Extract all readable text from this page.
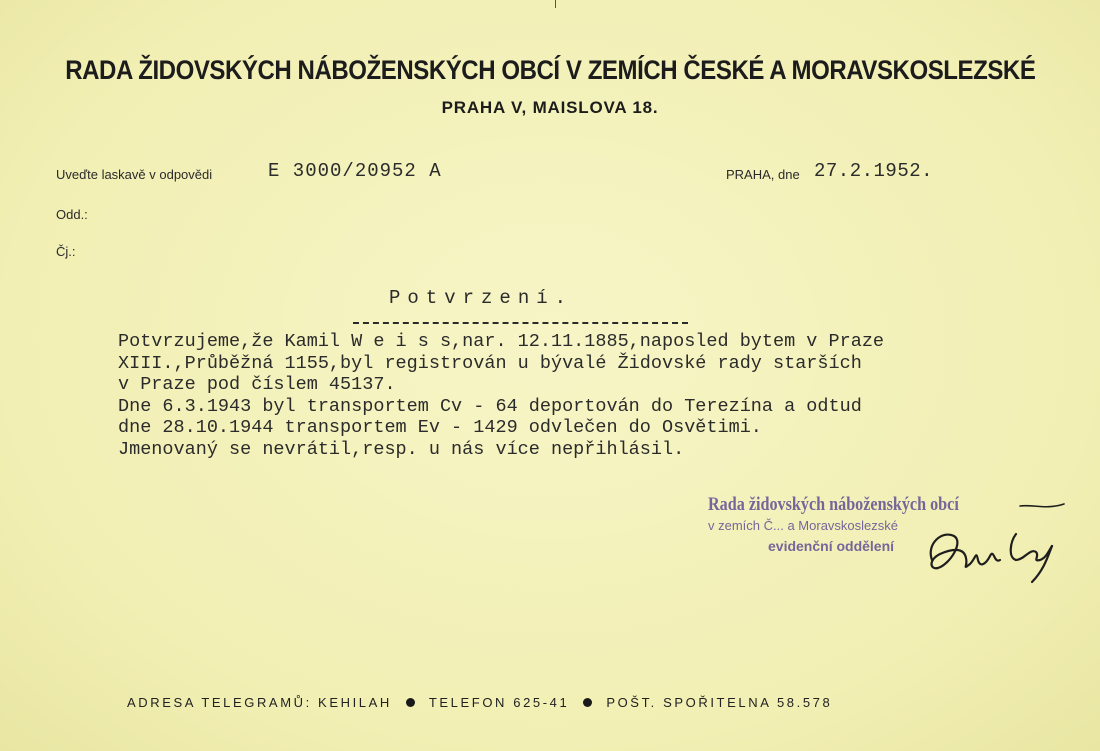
RADA ŽIDOVSKÝCH NÁBOŽENSKÝCH OBCÍ V ZEMÍCH ČESKÉ A MORAVSKOSLEZSKÉ
PRAHA V, MAISLOVA 18.
Uveďte laskavě v odpovědi	E 3000/20952 A	PRAHA, dne 27.2.1952.
Odd.:
Čj.:
Potvrzení.
Potvrzujeme,že Kamil W e i s s,nar. 12.11.1885,naposled bytem v Praze
XIII.,Průběžná 1155,byl registrován u bývalé Židovské rady starších
v Praze pod číslem 45137.
Dne 6.3.1943 byl transportem Cv - 64 deportován do Terezína a odtud
dne 28.10.1944 transportem Ev - 1429 odvlečen do Osvětimi.
Jmenovaný se nevrátil,resp. u nás více nepřihlásil.
Rada židovských náboženských obcí
v zemích Č... a Moravskoslezské
evidenční oddělení
ADRESA TELEGRAMŮ: KEHILAH	TELEFON 625-41	POŠT. SPOŘITELNA 58.578
